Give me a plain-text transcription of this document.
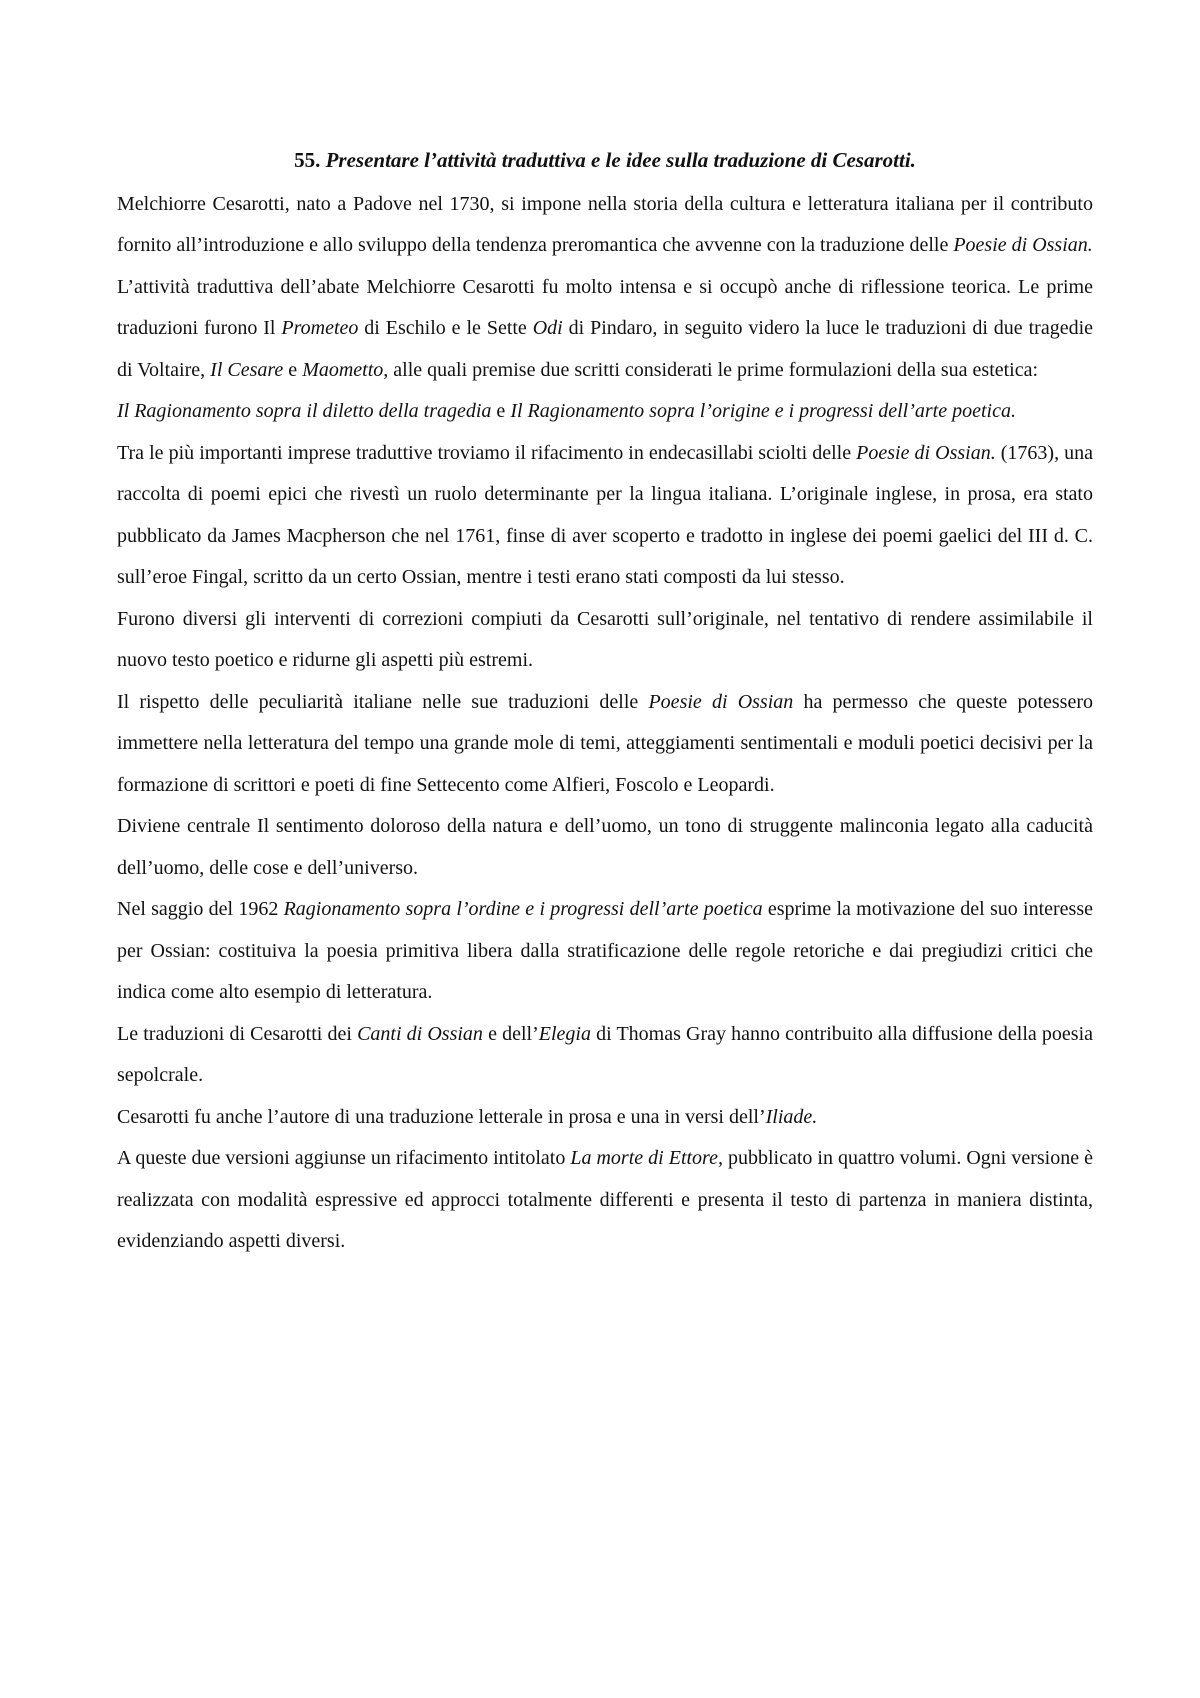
55. Presentare l’attività traduttiva e le idee sulla traduzione di Cesarotti.

Melchiorre Cesarotti, nato a Padove nel 1730, si impone nella storia della cultura e letteratura italiana per il contributo fornito all’introduzione e allo sviluppo della tendenza preromantica che avvenne con la traduzione delle Poesie di Ossian.

L’attività traduttiva dell’abate Melchiorre Cesarotti fu molto intensa e si occupò anche di riflessione teorica. Le prime traduzioni furono Il Prometeo di Eschilo e le Sette Odi di Pindaro, in seguito videro la luce le traduzioni di due tragedie di Voltaire, Il Cesare e Maometto, alle quali premise due scritti considerati le prime formulazioni della sua estetica:

Il Ragionamento sopra il diletto della tragedia e Il Ragionamento sopra l’origine e i progressi dell’arte poetica.

Tra le più importanti imprese traduttive troviamo il rifacimento in endecasillabi sciolti delle Poesie di Ossian. (1763), una raccolta di poemi epici che rivestì un ruolo determinante per la lingua italiana. L’originale inglese, in prosa, era stato pubblicato da James Macpherson che nel 1761, finse di aver scoperto e tradotto in inglese dei poemi gaelici del III d. C. sull’eroe Fingal, scritto da un certo Ossian, mentre i testi erano stati composti da lui stesso.

Furono diversi gli interventi di correzioni compiuti da Cesarotti sull’originale, nel tentativo di rendere assimilabile il nuovo testo poetico e ridurne gli aspetti più estremi.

Il rispetto delle peculiarità italiane nelle sue traduzioni delle Poesie di Ossian ha permesso che queste potessero immettere nella letteratura del tempo una grande mole di temi, atteggiamenti sentimentali e moduli poetici decisivi per la formazione di scrittori e poeti di fine Settecento come Alfieri, Foscolo e Leopardi.

Diviene centrale Il sentimento doloroso della natura e dell’uomo, un tono di struggente malinconia legato alla caducità dell’uomo, delle cose e dell’universo.

Nel saggio del 1962 Ragionamento sopra l’ordine e i progressi dell’arte poetica esprime la motivazione del suo interesse per Ossian: costituiva la poesia primitiva libera dalla stratificazione delle regole retoriche e dai pregiudizi critici che indica come alto esempio di letteratura.

Le traduzioni di Cesarotti dei Canti di Ossian e dell’Elegia di Thomas Gray hanno contribuito alla diffusione della poesia sepolcrale.

Cesarotti fu anche l’autore di una traduzione letterale in prosa e una in versi dell’Iliade.

A queste due versioni aggiunse un rifacimento intitolato La morte di Ettore, pubblicato in quattro volumi. Ogni versione è realizzata con modalità espressive ed approcci totalmente differenti e presenta il testo di partenza in maniera distinta, evidenziando aspetti diversi.
